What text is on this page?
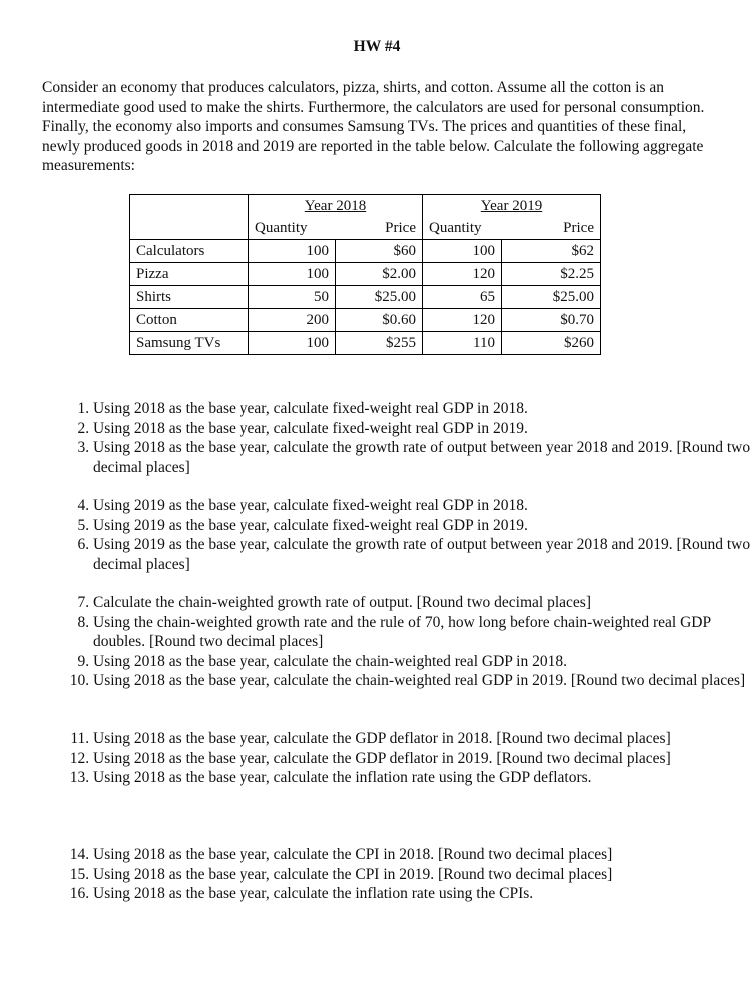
HW #4
Consider an economy that produces calculators, pizza, shirts, and cotton. Assume all the cotton is an intermediate good used to make the shirts. Furthermore, the calculators are used for personal consumption. Finally, the economy also imports and consumes Samsung TVs. The prices and quantities of these final, newly produced goods in 2018 and 2019 are reported in the table below. Calculate the following aggregate measurements:
	Year 2018		Year 2019	
	Quantity	Price	Quantity	Price
Calculators	100	$60	100	$62
Pizza	100	$2.00	120	$2.25
Shirts	50	$25.00	65	$25.00
Cotton	200	$0.60	120	$0.70
Samsung TVs	100	$255	110	$260
1. Using 2018 as the base year, calculate fixed-weight real GDP in 2018.
2. Using 2018 as the base year, calculate fixed-weight real GDP in 2019.
3. Using 2018 as the base year, calculate the growth rate of output between year 2018 and 2019. [Round two decimal places]
4. Using 2019 as the base year, calculate fixed-weight real GDP in 2018.
5. Using 2019 as the base year, calculate fixed-weight real GDP in 2019.
6. Using 2019 as the base year, calculate the growth rate of output between year 2018 and 2019. [Round two decimal places]
7. Calculate the chain-weighted growth rate of output. [Round two decimal places]
8. Using the chain-weighted growth rate and the rule of 70, how long before chain-weighted real GDP doubles. [Round two decimal places]
9. Using 2018 as the base year, calculate the chain-weighted real GDP in 2018.
10. Using 2018 as the base year, calculate the chain-weighted real GDP in 2019. [Round two decimal places]
11. Using 2018 as the base year, calculate the GDP deflator in 2018. [Round two decimal places]
12. Using 2018 as the base year, calculate the GDP deflator in 2019. [Round two decimal places]
13. Using 2018 as the base year, calculate the inflation rate using the GDP deflators.
14. Using 2018 as the base year, calculate the CPI in 2018. [Round two decimal places]
15. Using 2018 as the base year, calculate the CPI in 2019. [Round two decimal places]
16. Using 2018 as the base year, calculate the inflation rate using the CPIs.
